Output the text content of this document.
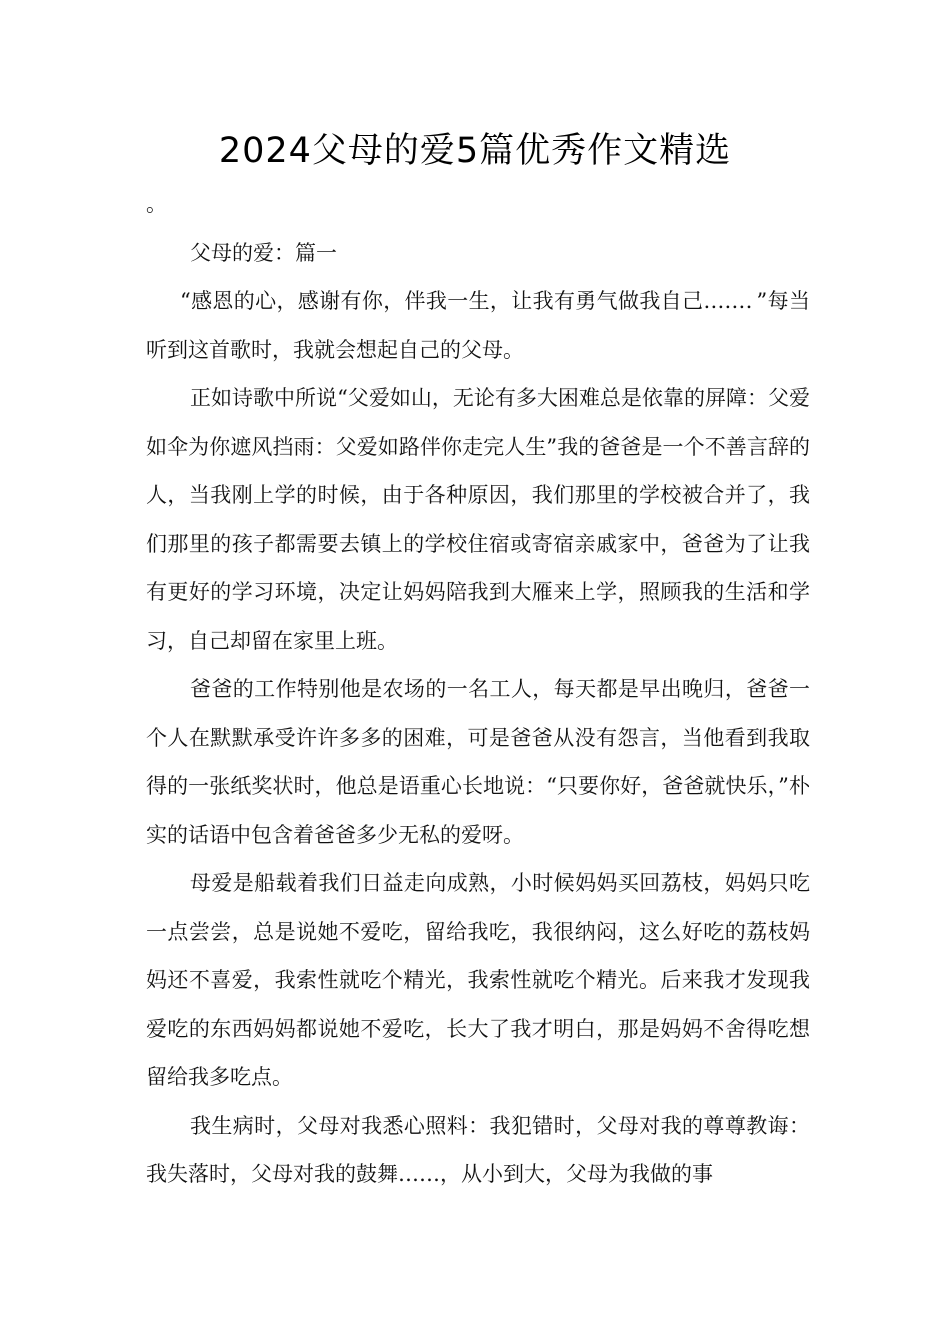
2024父母的爱5篇优秀作文精选

。

父母的爱：篇一

“感恩的心，感谢有你，伴我一生，让我有勇气做我自己……．”每当听到这首歌时，我就会想起自己的父母。

正如诗歌中所说“父爱如山，无论有多大困难总是依靠的屏障：父爱如伞为你遮风挡雨：父爱如路伴你走完人生”我的爸爸是一个不善言辞的人，当我刚上学的时候，由于各种原因，我们那里的学校被合并了，我们那里的孩子都需要去镇上的学校住宿或寄宿亲戚家中，爸爸为了让我有更好的学习环境，决定让妈妈陪我到大雁来上学，照顾我的生活和学习，自己却留在家里上班。

爸爸的工作特别他是农场的一名工人，每天都是早出晚归，爸爸一个人在默默承受许许多多的困难，可是爸爸从没有怨言，当他看到我取得的一张纸奖状时，他总是语重心长地说：“只要你好，爸爸就快乐，”朴实的话语中包含着爸爸多少无私的爱呀。

母爱是船载着我们日益走向成熟，小时候妈妈买回荔枝，妈妈只吃一点尝尝，总是说她不爱吃，留给我吃，我很纳闷，这么好吃的荔枝妈妈还不喜爱，我索性就吃个精光，我索性就吃个精光。后来我才发现我爱吃的东西妈妈都说她不爱吃，长大了我才明白，那是妈妈不舍得吃想留给我多吃点。

我生病时，父母对我悉心照料：我犯错时，父母对我的尊尊教诲：我失落时，父母对我的鼓舞……，从小到大，父母为我做的事
